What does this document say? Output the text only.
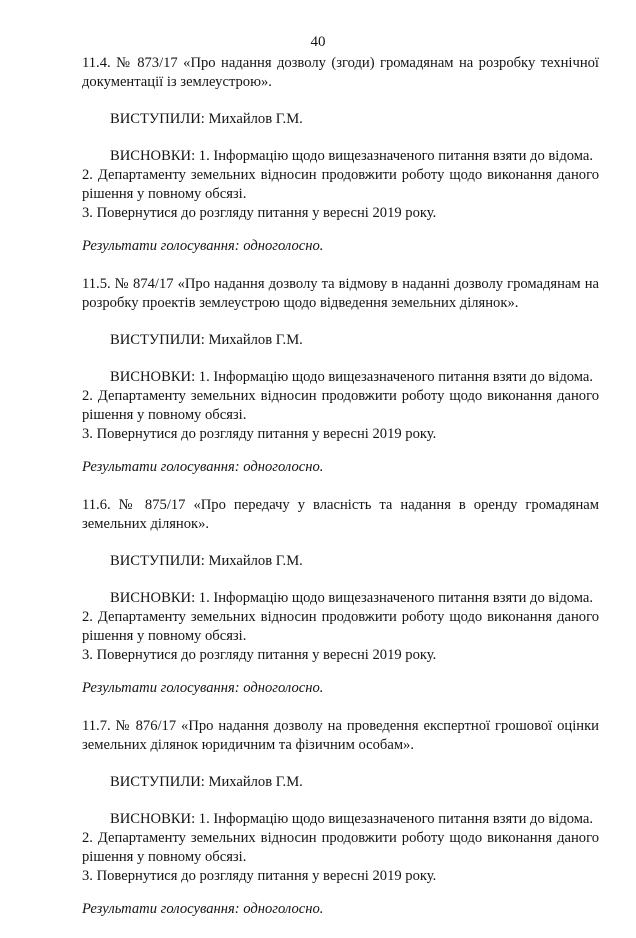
40

11.4. № 873/17 «Про надання дозволу (згоди) громадянам на розробку технічної документації із землеустрою».

ВИСТУПИЛИ: Михайлов Г.М.

ВИСНОВКИ: 1. Інформацію щодо вищезазначеного питання взяти до відома.

2. Департаменту земельних відносин продовжити роботу щодо виконання даного рішення у повному обсязі.

3. Повернутися до розгляду питання у вересні 2019 року.

Результати голосування: одноголосно.

11.5. № 874/17 «Про надання дозволу та відмову в наданні дозволу громадянам на розробку проектів землеустрою щодо відведення земельних ділянок».

ВИСТУПИЛИ: Михайлов Г.М.

ВИСНОВКИ: 1. Інформацію щодо вищезазначеного питання взяти до відома.

2. Департаменту земельних відносин продовжити роботу щодо виконання даного рішення у повному обсязі.

3. Повернутися до розгляду питання у вересні 2019 року.

Результати голосування: одноголосно.

11.6. № 875/17 «Про передачу у власність та надання в оренду громадянам земельних ділянок».

ВИСТУПИЛИ: Михайлов Г.М.

ВИСНОВКИ: 1. Інформацію щодо вищезазначеного питання взяти до відома.

2. Департаменту земельних відносин продовжити роботу щодо виконання даного рішення у повному обсязі.

3. Повернутися до розгляду питання у вересні 2019 року.

Результати голосування: одноголосно.

11.7. № 876/17 «Про надання дозволу на проведення експертної грошової оцінки земельних ділянок юридичним та фізичним особам».

ВИСТУПИЛИ: Михайлов Г.М.

ВИСНОВКИ: 1. Інформацію щодо вищезазначеного питання взяти до відома.

2. Департаменту земельних відносин продовжити роботу щодо виконання даного рішення у повному обсязі.

3. Повернутися до розгляду питання у вересні 2019 року.

Результати голосування: одноголосно.
